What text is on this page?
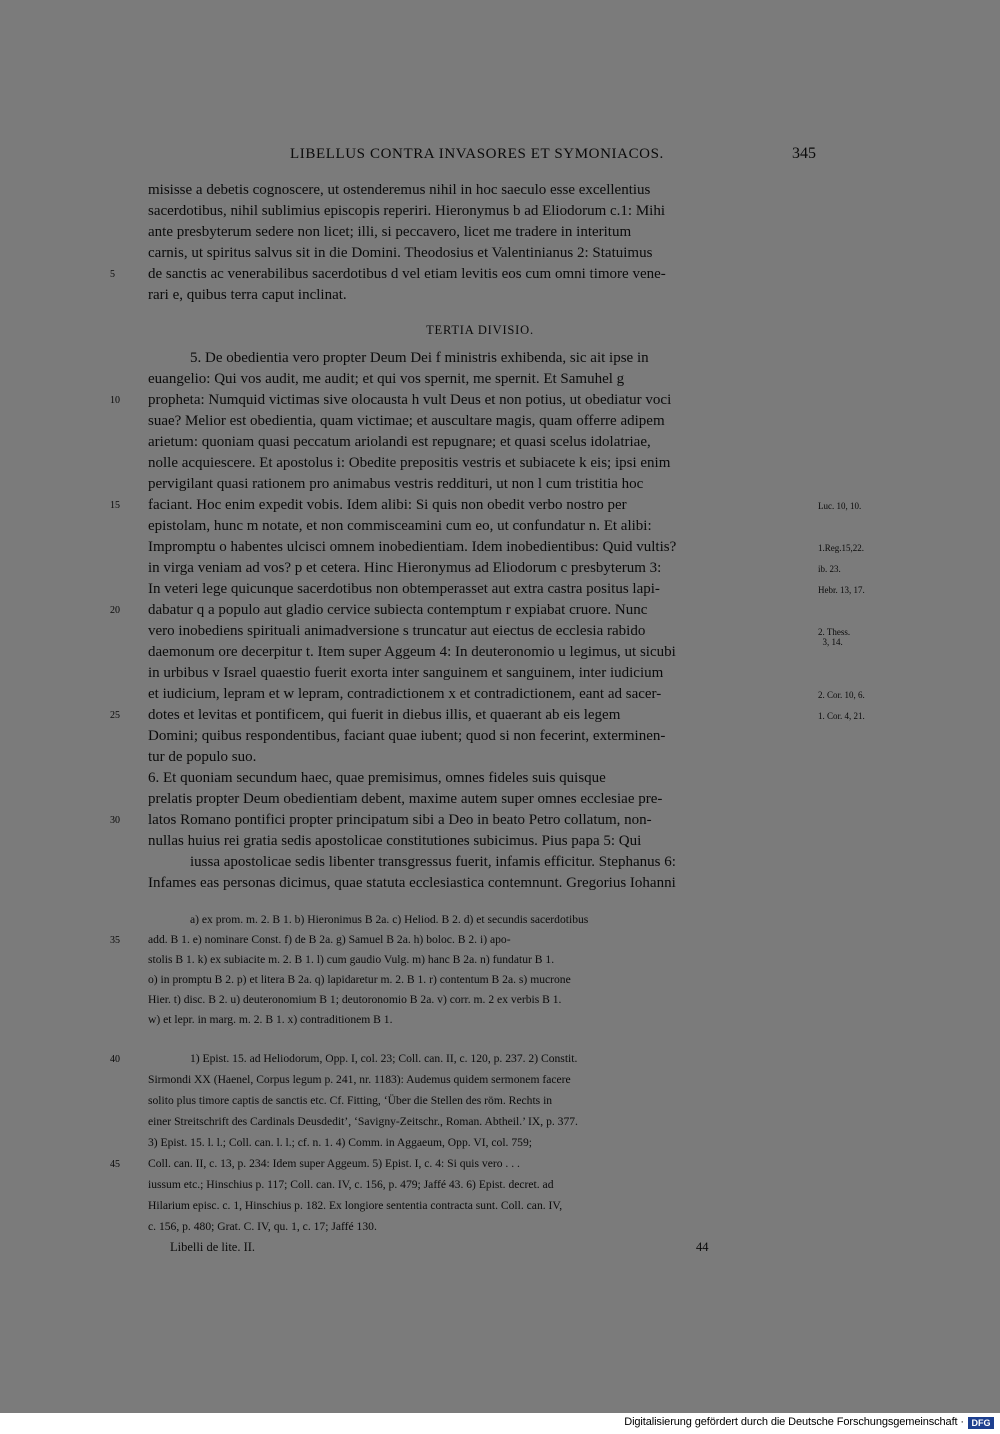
LIBELLUS CONTRA INVASORES ET SYMONIACOS.	345
misisse a debetis cognoscere, ut ostenderemus nihil in hoc saeculo esse excellentius
sacerdotibus, nihil sublimius episcopis reperiri. Hieronymus b ad Eliodorum c.1: Mihi
ante presbyterum sedere non licet; illi, si peccavero, licet me tradere in interitum
carnis, ut spiritus salvus sit in die Domini. Theodosius et Valentinianus 2: Statuimus
de sanctis ac venerabilibus sacerdotibus d vel etiam levitis eos cum omni timore vene-
5
rari e, quibus terra caput inclinat.
TERTIA DIVISIO.
5. De obedientia vero propter Deum Dei f ministris exhibenda, sic ait ipse in
euangelio: Qui vos audit, me audit; et qui vos spernit, me spernit. Et Samuhel g
propheta: Numquid victimas sive olocausta h vult Deus et non potius, ut obediatur voci
10
suae? Melior est obedientia, quam victimae; et auscultare magis, quam offerre adipem
arietum: quoniam quasi peccatum ariolandi est repugnare; et quasi scelus idolatriae,
nolle acquiescere. Et apostolus i: Obedite prepositis vestris et subiacete k eis; ipsi enim
pervigilant quasi rationem pro animabus vestris reddituri, ut non l cum tristitia hoc
faciant. Hoc enim expedit vobis. Idem alibi: Si quis non obedit verbo nostro per
15
epistolam, hunc m notate, et non commisceamini cum eo, ut confundatur n. Et alibi:
Impromptu o habentes ulcisci omnem inobedientiam. Idem inobedientibus: Quid vultis?
in virga veniam ad vos? p et cetera. Hinc Hieronymus ad Eliodorum c presbyterum 3:
In veteri lege quicunque sacerdotibus non obtemperasset aut extra castra positus lapi-
dabatur q a populo aut gladio cervice subiecta contemptum r expiabat cruore. Nunc
20
vero inobediens spirituali animadversione s truncatur aut eiectus de ecclesia rabido
daemonum ore decerpitur t. Item super Aggeum 4: In deuteronomio u legimus, ut sicubi
in urbibus v Israel quaestio fuerit exorta inter sanguinem et sanguinem, inter iudicium
et iudicium, lepram et w lepram, contradictionem x et contradictionem, eant ad sacer-
dotes et levitas et pontificem, qui fuerit in diebus illis, et quaerant ab eis legem
25
Domini; quibus respondentibus, faciant quae iubent; quod si non fecerint, exterminen-
tur de populo suo.
6. Et quoniam secundum haec, quae premisimus, omnes fideles suis quisque
prelatis propter Deum obedientiam debent, maxime autem super omnes ecclesiae pre-
latos Romano pontifici propter principatum sibi a Deo in beato Petro collatum, non-
30
nullas huius rei gratia sedis apostolicae constitutiones subicimus. Pius papa 5: Qui
iussa apostolicae sedis libenter transgressus fuerit, infamis efficitur. Stephanus 6:
Infames eas personas dicimus, quae statuta ecclesiastica contemnunt. Gregorius Iohanni
Luc. 10, 10.
1.Reg.15,22.
ib. 23.
Hebr. 13, 17.
2. Thess.
3, 14.
2. Cor. 10, 6.
1. Cor. 4, 21.
a) ex prom. m. 2. B 1. b) Hieronimus B 2a. c) Heliod. B 2. d) et secundis sacerdotibus
add. B 1. e) nominare Const. f) de B 2a. g) Samuel B 2a. h) boloc. B 2. i) apo-
35
stolis B 1. k) ex subiacite m. 2. B 1. l) cum gaudio Vulg. m) hanc B 2a. n) fundatur B 1.
o) in promptu B 2. p) et litera B 2a. q) lapidaretur m. 2. B 1. r) contentum B 2a. s) mucrone
Hier. t) disc. B 2. u) deuteronomium B 1; deutoronomio B 2a. v) corr. m. 2 ex verbis B 1.
w) et lepr. in marg. m. 2. B 1. x) contraditionem B 1.
1) Epist. 15. ad Heliodorum, Opp. I, col. 23; Coll. can. II, c. 120, p. 237. 2) Constit.
40
Sirmondi XX (Haenel, Corpus legum p. 241, nr. 1183): Audemus quidem sermonem facere
solito plus timore captis de sanctis etc. Cf. Fitting, ‘Über die Stellen des röm. Rechts in
einer Streitschrift des Cardinals Deusdedit’, ‘Savigny-Zeitschr., Roman. Abtheil.’ IX, p. 377.
3) Epist. 15. l. l.; Coll. can. l. l.; cf. n. 1. 4) Comm. in Aggaeum, Opp. VI, col. 759;
Coll. can. II, c. 13, p. 234: Idem super Aggeum. 5) Epist. I, c. 4: Si quis vero . . .
45
iussum etc.; Hinschius p. 117; Coll. can. IV, c. 156, p. 479; Jaffé 43. 6) Epist. decret. ad
Hilarium episc. c. 1, Hinschius p. 182. Ex longiore sententia contracta sunt. Coll. can. IV,
c. 156, p. 480; Grat. C. IV, qu. 1, c. 17; Jaffé 130.
Libelli de lite. II.	44
Digitalisierung gefördert durch die Deutsche Forschungsgemeinschaft · DFG
